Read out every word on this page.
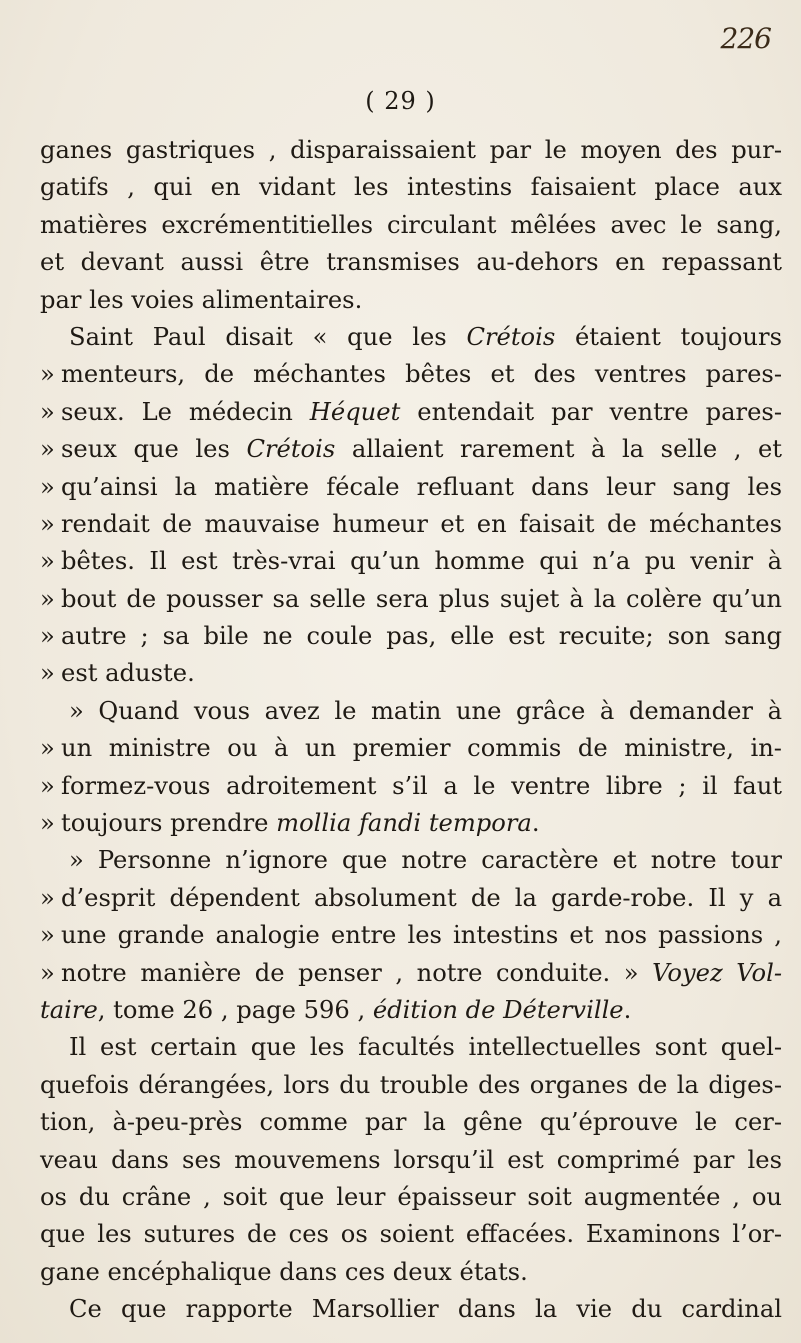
226
( 29 )
ganes gastriques , disparaissaient par le moyen des pur-
gatifs , qui en vidant les intestins faisaient place aux
matières excrémentitielles circulant mêlées avec le sang,
et devant aussi être transmises au-dehors en repassant
par les voies alimentaires.
Saint Paul disait « que les Crétois étaient toujours
» menteurs, de méchantes bêtes et des ventres pares-
» seux. Le médecin Héquet entendait par ventre pares-
» seux que les Crétois allaient rarement à la selle , et
» qu’ainsi la matière fécale refluant dans leur sang les
» rendait de mauvaise humeur et en faisait de méchantes
» bêtes. Il est très-vrai qu’un homme qui n’a pu venir à
» bout de pousser sa selle sera plus sujet à la colère qu’un
» autre ; sa bile ne coule pas, elle est recuite; son sang
» est aduste.
» Quand vous avez le matin une grâce à demander à
» un ministre ou à un premier commis de ministre, in-
» formez-vous adroitement s’il a le ventre libre ; il faut
» toujours prendre mollia fandi tempora.
» Personne n’ignore que notre caractère et notre tour
» d’esprit dépendent absolument de la garde-robe. Il y a
» une grande analogie entre les intestins et nos passions ,
» notre manière de penser , notre conduite. » Voyez Vol-
taire, tome 26 , page 596 , édition de Déterville.
Il est certain que les facultés intellectuelles sont quel-
quefois dérangées, lors du trouble des organes de la diges-
tion, à-peu-près comme par la gêne qu’éprouve le cer-
veau dans ses mouvemens lorsqu’il est comprimé par les
os du crâne , soit que leur épaisseur soit augmentée , ou
que les sutures de ces os soient effacées. Examinons l’or-
gane encéphalique dans ces deux états.
Ce que rapporte Marsollier dans la vie du cardinal
